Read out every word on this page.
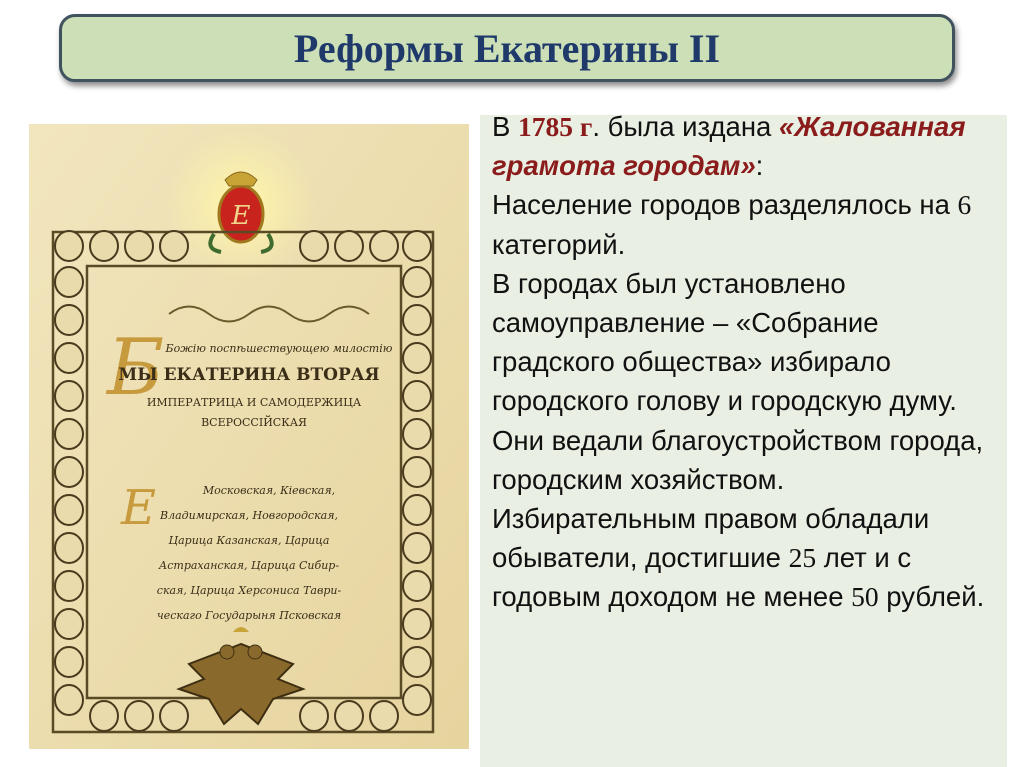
Реформы Екатерины II
Е
Б Божію поспѣшествующею милостію
МЫ ЕКАТЕРИНА ВТОРАЯ
ИМПЕРАТРИЦА И САМОДЕРЖИЦА
ВСЕРОССІЙСКАЯ
Е	Московская, Кіевская,
Владимирская, Новгородская,
Царица Казанская, Царица
Астраханская, Царица Сибир-
ская, Царица Херсониса Таври-
ческаго Государыня Псковская

В 1785 г. была издана «Жалованная грамота городам»:

Население городов разделялось на 6 категорий.

В городах был установлено самоуправление – «Собрание градского общества» избирало городского голову и городскую думу. Они ведали благоустройством города, городским хозяйством.

Избирательным правом обладали обыватели, достигшие 25 лет и с годовым доходом не менее 50 рублей.
